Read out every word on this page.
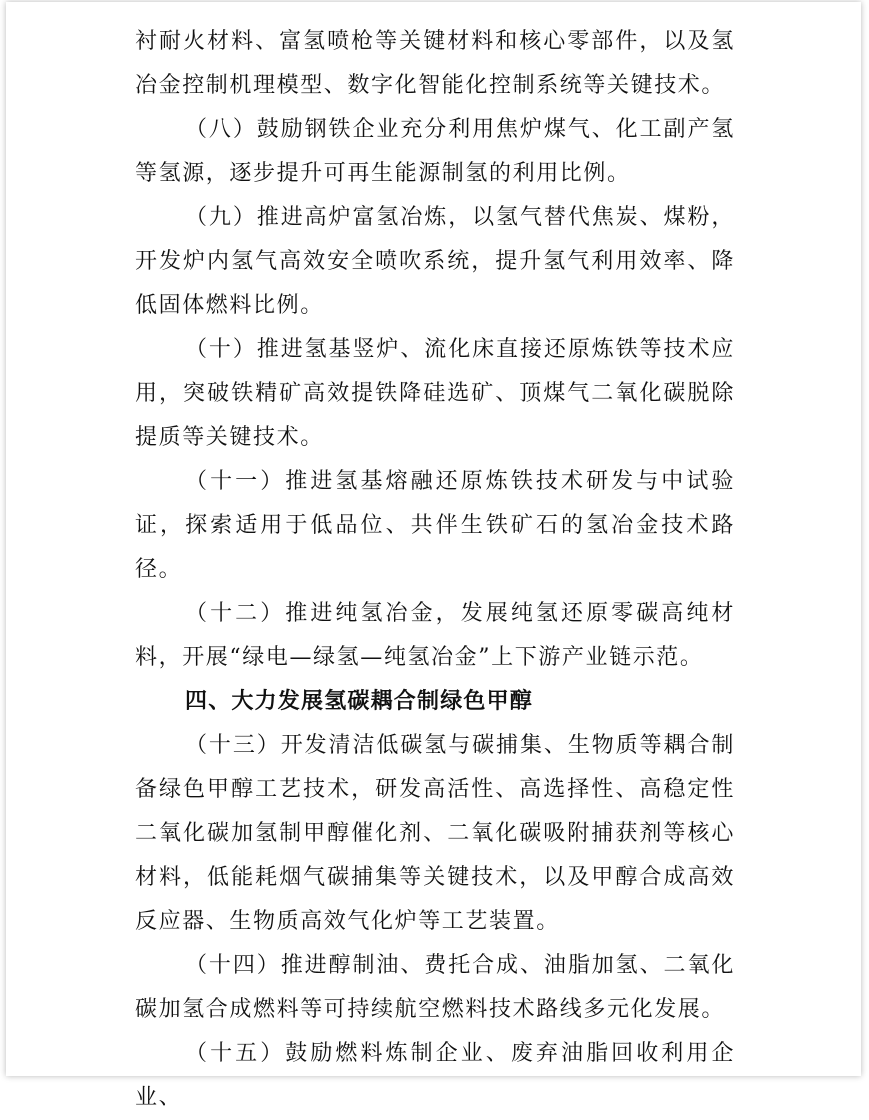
衬耐火材料、富氢喷枪等关键材料和核心零部件，以及氢冶金控制机理模型、数字化智能化控制系统等关键技术。

（八）鼓励钢铁企业充分利用焦炉煤气、化工副产氢等氢源，逐步提升可再生能源制氢的利用比例。

（九）推进高炉富氢冶炼，以氢气替代焦炭、煤粉，开发炉内氢气高效安全喷吹系统，提升氢气利用效率、降低固体燃料比例。

（十）推进氢基竖炉、流化床直接还原炼铁等技术应用，突破铁精矿高效提铁降硅选矿、顶煤气二氧化碳脱除提质等关键技术。

（十一）推进氢基熔融还原炼铁技术研发与中试验证，探索适用于低品位、共伴生铁矿石的氢冶金技术路径。

（十二）推进纯氢冶金，发展纯氢还原零碳高纯材料，开展“绿电—绿氢—纯氢冶金”上下游产业链示范。

四、大力发展氢碳耦合制绿色甲醇

（十三）开发清洁低碳氢与碳捕集、生物质等耦合制备绿色甲醇工艺技术，研发高活性、高选择性、高稳定性二氧化碳加氢制甲醇催化剂、二氧化碳吸附捕获剂等核心材料，低能耗烟气碳捕集等关键技术，以及甲醇合成高效反应器、生物质高效气化炉等工艺装置。

（十四）推进醇制油、费托合成、油脂加氢、二氧化碳加氢合成燃料等可持续航空燃料技术路线多元化发展。

（十五）鼓励燃料炼制企业、废弃油脂回收利用企业、
